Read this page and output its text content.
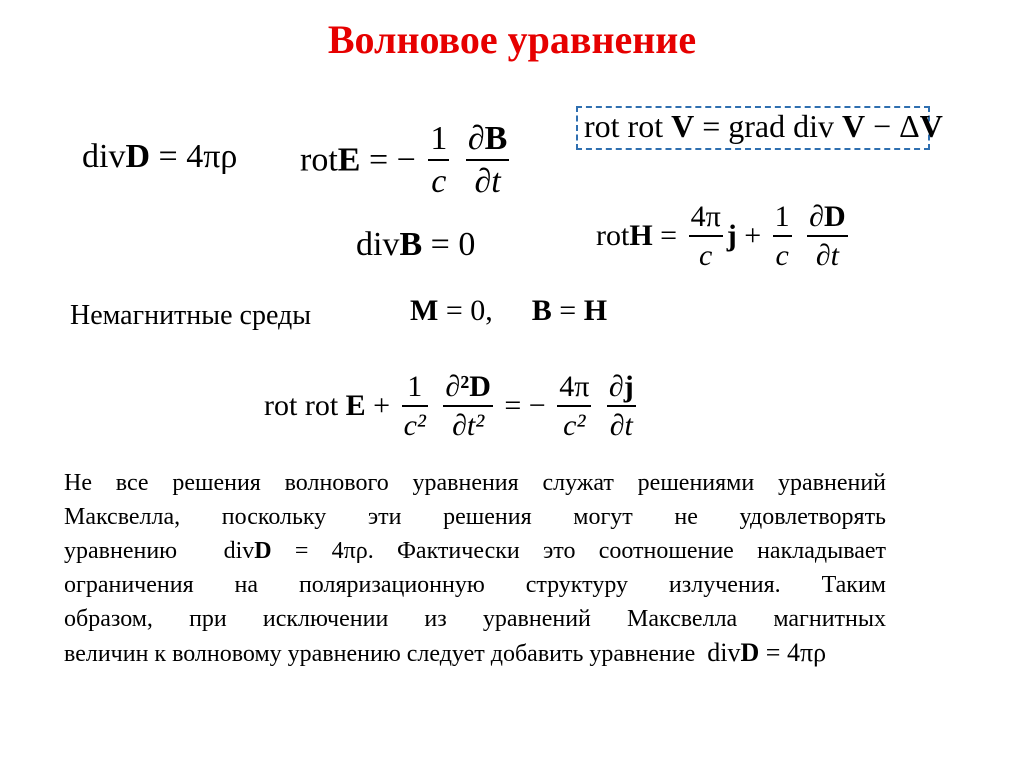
Волновое уравнение
divD = 4πρ rotE = − $\frac{1}{c}$
$\frac{\partial B}{\partial t}$ rot rot V = grad div V − ΔV
divB = 0	rotH = $\frac{4\pi}{c}$ $j + \frac{1}{c}$
$\frac{\partial D}{\partial t}$
Немагнитные среды	M = 0, B = H
rot rot $E + \frac{1}{\text{c²}}$
$\frac{\text{∂²D}}{\text{∂t²}}$ = − $\frac{4\pi}{\text{c²}}$
$\frac{\partial j}{\partial t}$
Не все решения волнового уравнения служат решениями уравнений
Максвелла, поскольку эти решения могут не удовлетворять
уравнению divD = 4πρ. Фактически это соотношение накладывает
ограничения на поляризационную структуру излучения. Таким
образом, при исключении из уравнений Максвелла магнитных
величин к волновому уравнению следует добавить уравнение divD = 4πρ
